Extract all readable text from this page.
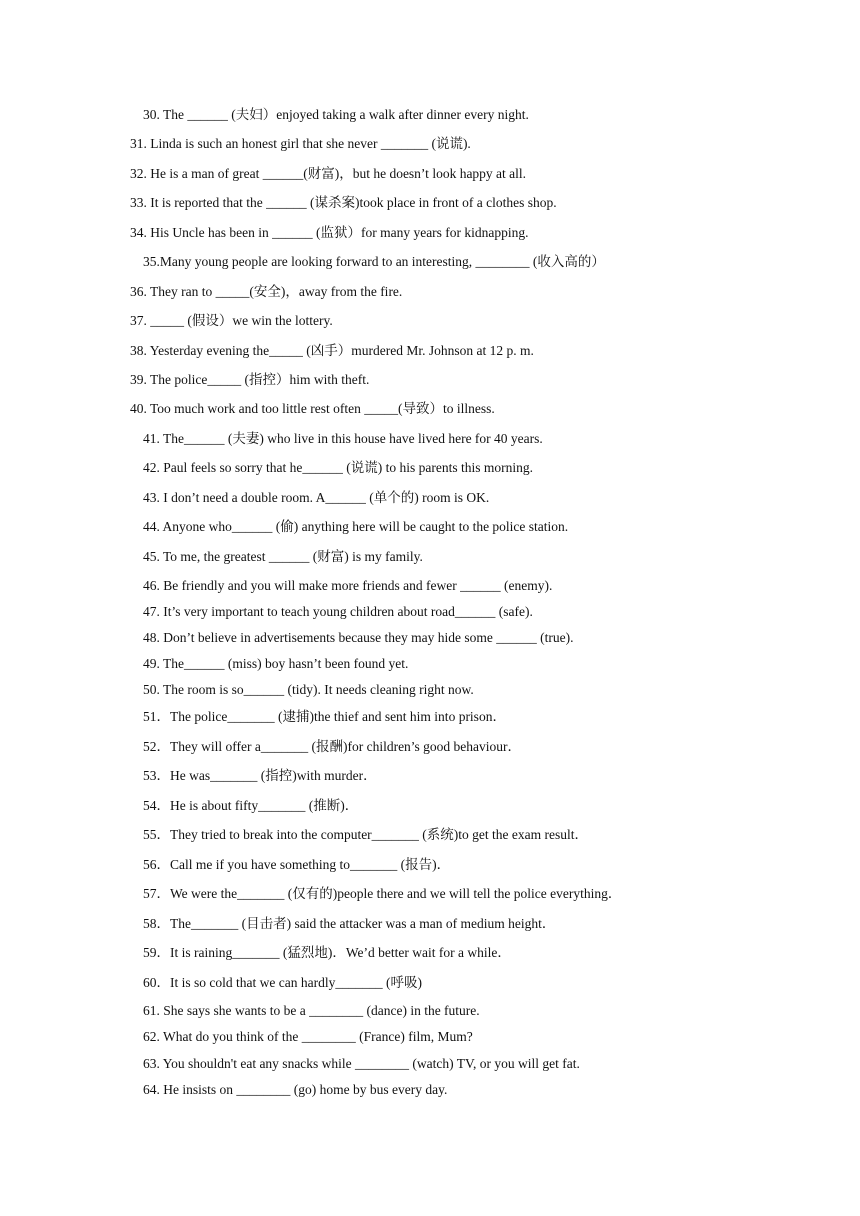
30. The ______ (夫妇）enjoyed taking a walk after dinner every night.
31. Linda is such an honest girl that she never _______ (说谎).
32. He is a man of great ______(财富)，but he doesn’t look happy at all.
33. It is reported that the ______ (谋杀案)took place in front of a clothes shop.
34. His Uncle has been in ______ (监狱）for many years for kidnapping.
35.Many young people are looking forward to an interesting, ________ (收入高的）
36. They ran to _____(安全)，away from the fire.
37. _____ (假设）we win the lottery.
38. Yesterday evening the_____ (凶手）murdered Mr. Johnson at 12 p. m.
39. The police_____ (指控）him with theft.
40. Too much work and too little rest often _____(导致）to illness.
41. The______ (夫妻) who live in this house have lived here for 40 years.
42. Paul feels so sorry that he______ (说谎) to his parents this morning.
43. I don’t need a double room. A______ (单个的) room is OK.
44. Anyone who______ (偷) anything here will be caught to the police station.
45. To me, the greatest ______ (财富) is my family.
46. Be friendly and you will make more friends and fewer ______ (enemy).
47. It’s very important to teach young children about road______ (safe).
48. Don’t believe in advertisements because they may hide some ______ (true).
49. The______ (miss) boy hasn’t been found yet.
50. The room is so______ (tidy). It needs cleaning right now.
51．The police_______ (逮捕)the thief and sent him into prison．
52．They will offer a_______ (报酬)for children’s good behaviour．
53．He was_______ (指控)with murder．
54．He is about fifty_______ (推断)．
55．They tried to break into the computer_______ (系统)to get the exam result．
56．Call me if you have something to_______ (报告)．
57．We were the_______ (仅有的)people there and we will tell the police everything．
58．The_______ (目击者) said the attacker was a man of medium height．
59．It is raining_______ (猛烈地)．We’d better wait for a while．
60．It is so cold that we can hardly_______ (呼吸)
61. She says she wants to be a ________ (dance) in the future.
62. What do you think of the ________ (France) film, Mum?
63. You shouldn't eat any snacks while ________ (watch) TV, or you will get fat.
64. He insists on ________ (go) home by bus every day.
